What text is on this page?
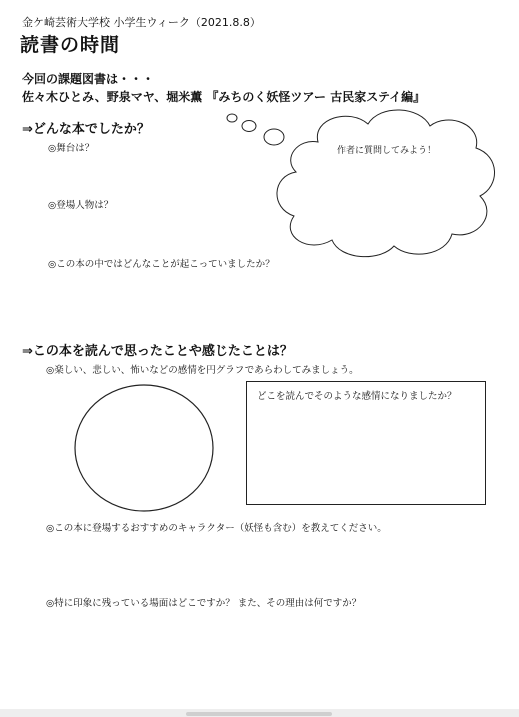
金ケ崎芸術大学校 小学生ウィーク（2021.8.8）
読書の時間
今回の課題図書は・・・
佐々木ひとみ、野泉マヤ、堀米薫 『みちのく妖怪ツアー 古民家ステイ編』
⇒どんな本でしたか？
◎舞台は？
◎登場人物は？
◎この本の中ではどんなことが起こっていましたか？
作者に質問してみよう！
⇒この本を読んで思ったことや感じたことは？
◎楽しい、悲しい、怖いなどの感情を円グラフであらわしてみましょう。
どこを読んでそのような感情になりましたか？
◎この本に登場するおすすめのキャラクター（妖怪も含む）を教えてください。
◎特に印象に残っている場面はどこですか？ また、その理由は何ですか？
